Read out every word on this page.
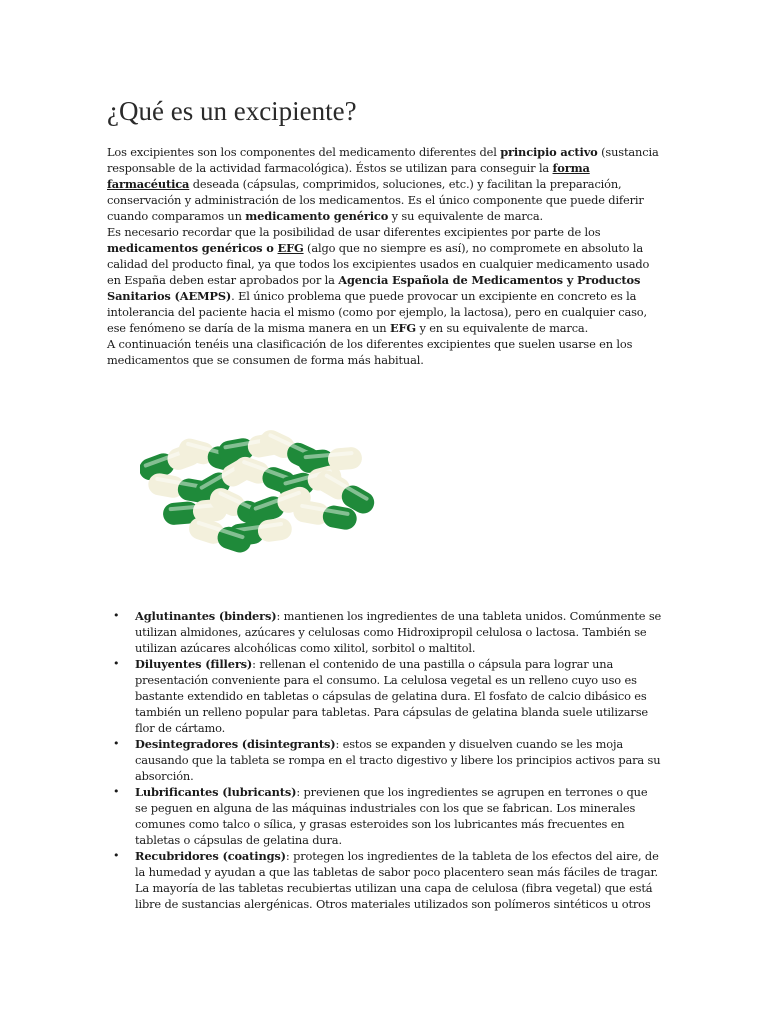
¿Qué es un excipiente?

Los excipientes son los componentes del medicamento diferentes del principio activo (sustancia responsable de la actividad farmacológica). Éstos se utilizan para conseguir la forma farmacéutica deseada (cápsulas, comprimidos, soluciones, etc.) y facilitan la preparación, conservación y administración de los medicamentos. Es el único componente que puede diferir cuando comparamos un medicamento genérico y su equivalente de marca.

Es necesario recordar que la posibilidad de usar diferentes excipientes por parte de los medicamentos genéricos o EFG (algo que no siempre es así), no compromete en absoluto la calidad del producto final, ya que todos los excipientes usados en cualquier medicamento usado en España deben estar aprobados por la Agencia Española de Medicamentos y Productos Sanitarios (AEMPS). El único problema que puede provocar un excipiente en concreto es la intolerancia del paciente hacia el mismo (como por ejemplo, la lactosa), pero en cualquier caso, ese fenómeno se daría de la misma manera en un EFG y en su equivalente de marca.

A continuación tenéis una clasificación de los diferentes excipientes que suelen usarse en los medicamentos que se consumen de forma más habitual.

• Aglutinantes (binders): mantienen los ingredientes de una tableta unidos. Comúnmente se utilizan almidones, azúcares y celulosas como Hidroxipropil celulosa o lactosa. También se utilizan azúcares alcohólicas como xilitol, sorbitol o maltitol.
• Diluyentes (fillers): rellenan el contenido de una pastilla o cápsula para lograr una presentación conveniente para el consumo. La celulosa vegetal es un relleno cuyo uso es bastante extendido en tabletas o cápsulas de gelatina dura. El fosfato de calcio dibásico es también un relleno popular para tabletas. Para cápsulas de gelatina blanda suele utilizarse flor de cártamo.
• Desintegradores (disintegrants): estos se expanden y disuelven cuando se les moja causando que la tableta se rompa en el tracto digestivo y libere los principios activos para su absorción.
• Lubrificantes (lubricants): previenen que los ingredientes se agrupen en terrones o que se peguen en alguna de las máquinas industriales con los que se fabrican. Los minerales comunes como talco o sílica, y grasas esteroides son los lubricantes más frecuentes en tabletas o cápsulas de gelatina dura.
• Recubridores (coatings): protegen los ingredientes de la tableta de los efectos del aire, de la humedad y ayudan a que las tabletas de sabor poco placentero sean más fáciles de tragar. La mayoría de las tabletas recubiertas utilizan una capa de celulosa (fibra vegetal) que está libre de sustancias alergénicas. Otros materiales utilizados son polímeros sintéticos u otros
